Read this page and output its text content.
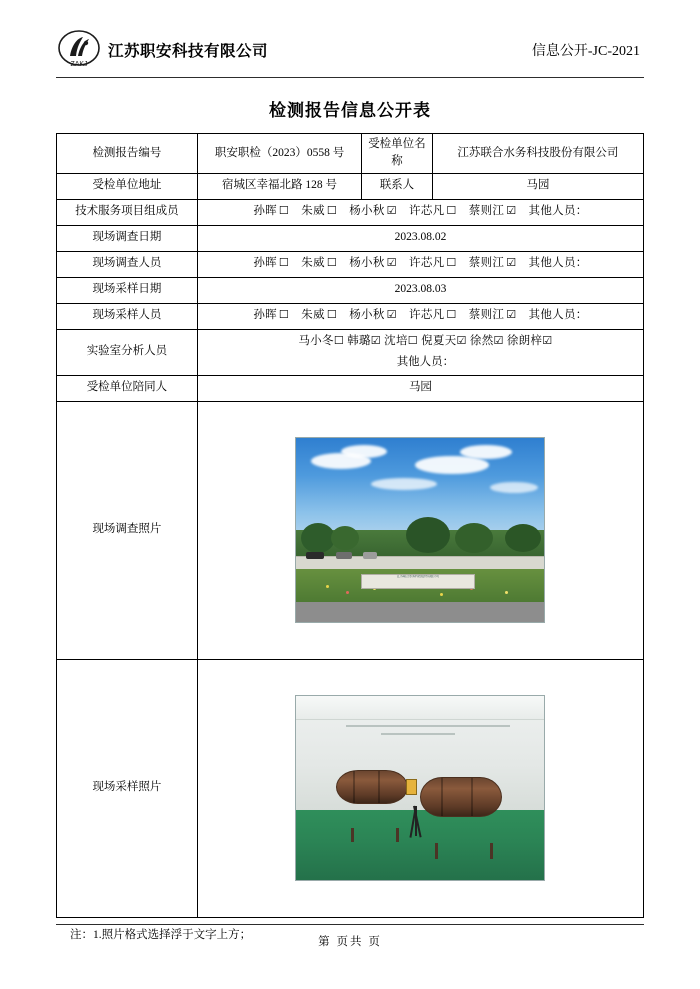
ZAKJ
江苏职安科技有限公司	信息公开-JC-2021
检测报告信息公开表
检测报告编号	职安职检（2023）0558 号	受检单位名称	江苏联合水务科技股份有限公司
受检单位地址	宿城区幸福北路 128 号	联系人	马园
技术服务项目组成员	孙晖 ☐ 朱威 ☐ 杨小秋 ☑ 许芯凡 ☐ 蔡则江 ☑ 其他人员：		
现场调查日期	2023.08.02		
现场调查人员	孙晖 ☐ 朱威 ☐ 杨小秋 ☑ 许芯凡 ☐ 蔡则江 ☑ 其他人员：		
现场采样日期	2023.08.03		
现场采样人员	孙晖 ☐ 朱威 ☐ 杨小秋 ☑ 许芯凡 ☐ 蔡则江 ☑ 其他人员：		
实验室分析人员	马小冬☐ 韩璐☑ 沈培☐ 倪夏天☑ 徐然☑ 徐朗梓☑
其他人员：		

受检单位陪同人	马园		
现场调查照片	江苏联合水务科技股份有限公司		

现场采样照片			
注：1.照片格式选择浮于文字上方；
第 页共 页
